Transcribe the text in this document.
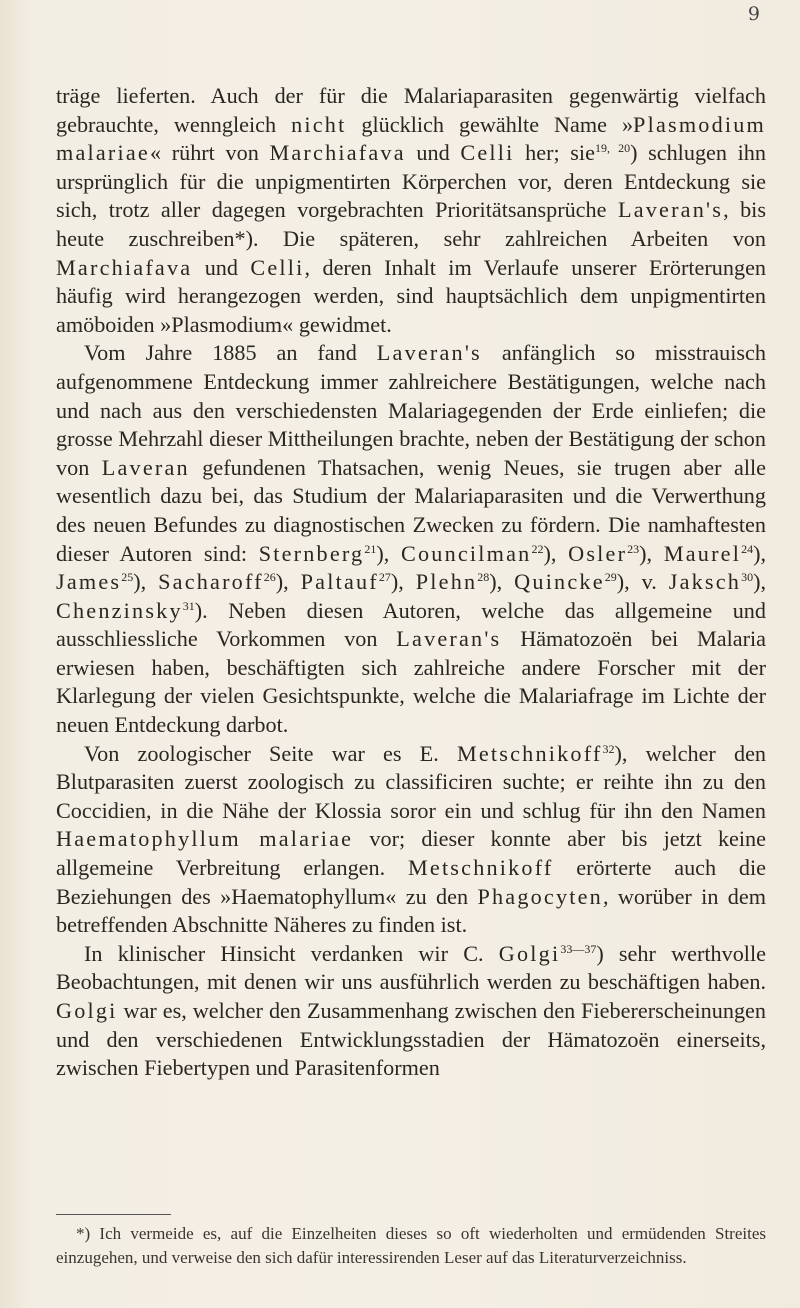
9

träge lieferten. Auch der für die Malariaparasiten gegenwärtig vielfach gebrauchte, wenngleich nicht glücklich gewählte Name »Plasmodium malariae« rührt von Marchiafava und Celli her; sie$^{19, 20}$) schlugen ihn ursprünglich für die unpigmentirten Körperchen vor, deren Entdeckung sie sich, trotz aller dagegen vorgebrachten Prioritätsansprüche Laveran's, bis heute zuschreiben*). Die späteren, sehr zahlreichen Arbeiten von Marchiafava und Celli, deren Inhalt im Verlaufe unserer Erörterungen häufig wird herangezogen werden, sind hauptsächlich dem unpigmentirten amöboiden »Plasmodium« gewidmet.

Vom Jahre 1885 an fand Laveran's anfänglich so misstrauisch aufgenommene Entdeckung immer zahlreichere Bestätigungen, welche nach und nach aus den verschiedensten Malariagegenden der Erde einliefen; die grosse Mehrzahl dieser Mittheilungen brachte, neben der Bestätigung der schon von Laveran gefundenen Thatsachen, wenig Neues, sie trugen aber alle wesentlich dazu bei, das Studium der Malariaparasiten und die Verwerthung des neuen Befundes zu diagnostischen Zwecken zu fördern. Die namhaftesten dieser Autoren sind: Sternberg$^{21}$), Councilman$^{22}$), Osler$^{23}$), Maurel$^{24}$), James$^{25}$), Sacharoff$^{26}$), Paltauf$^{27}$), Plehn$^{28}$), Quincke$^{29}$), v. Jaksch$^{30}$), Chenzinsky$^{31}$). Neben diesen Autoren, welche das allgemeine und ausschliessliche Vorkommen von Laveran's Hämatozoën bei Malaria erwiesen haben, beschäftigten sich zahlreiche andere Forscher mit der Klarlegung der vielen Gesichtspunkte, welche die Malariafrage im Lichte der neuen Entdeckung darbot.

Von zoologischer Seite war es E. Metschnikoff$^{32}$), welcher den Blutparasiten zuerst zoologisch zu classificiren suchte; er reihte ihn zu den Coccidien, in die Nähe der Klossia soror ein und schlug für ihn den Namen Haematophyllum malariae vor; dieser konnte aber bis jetzt keine allgemeine Verbreitung erlangen. Metschnikoff erörterte auch die Beziehungen des »Haematophyllum« zu den Phagocyten, worüber in dem betreffenden Abschnitte Näheres zu finden ist.

In klinischer Hinsicht verdanken wir C. Golgi$^{33—37}$) sehr werthvolle Beobachtungen, mit denen wir uns ausführlich werden zu beschäftigen haben. Golgi war es, welcher den Zusammenhang zwischen den Fiebererscheinungen und den verschiedenen Entwicklungsstadien der Hämatozoën einerseits, zwischen Fiebertypen und Parasitenformen

*) Ich vermeide es, auf die Einzelheiten dieses so oft wiederholten und ermüdenden Streites einzugehen, und verweise den sich dafür interessirenden Leser auf das Literaturverzeichniss.
